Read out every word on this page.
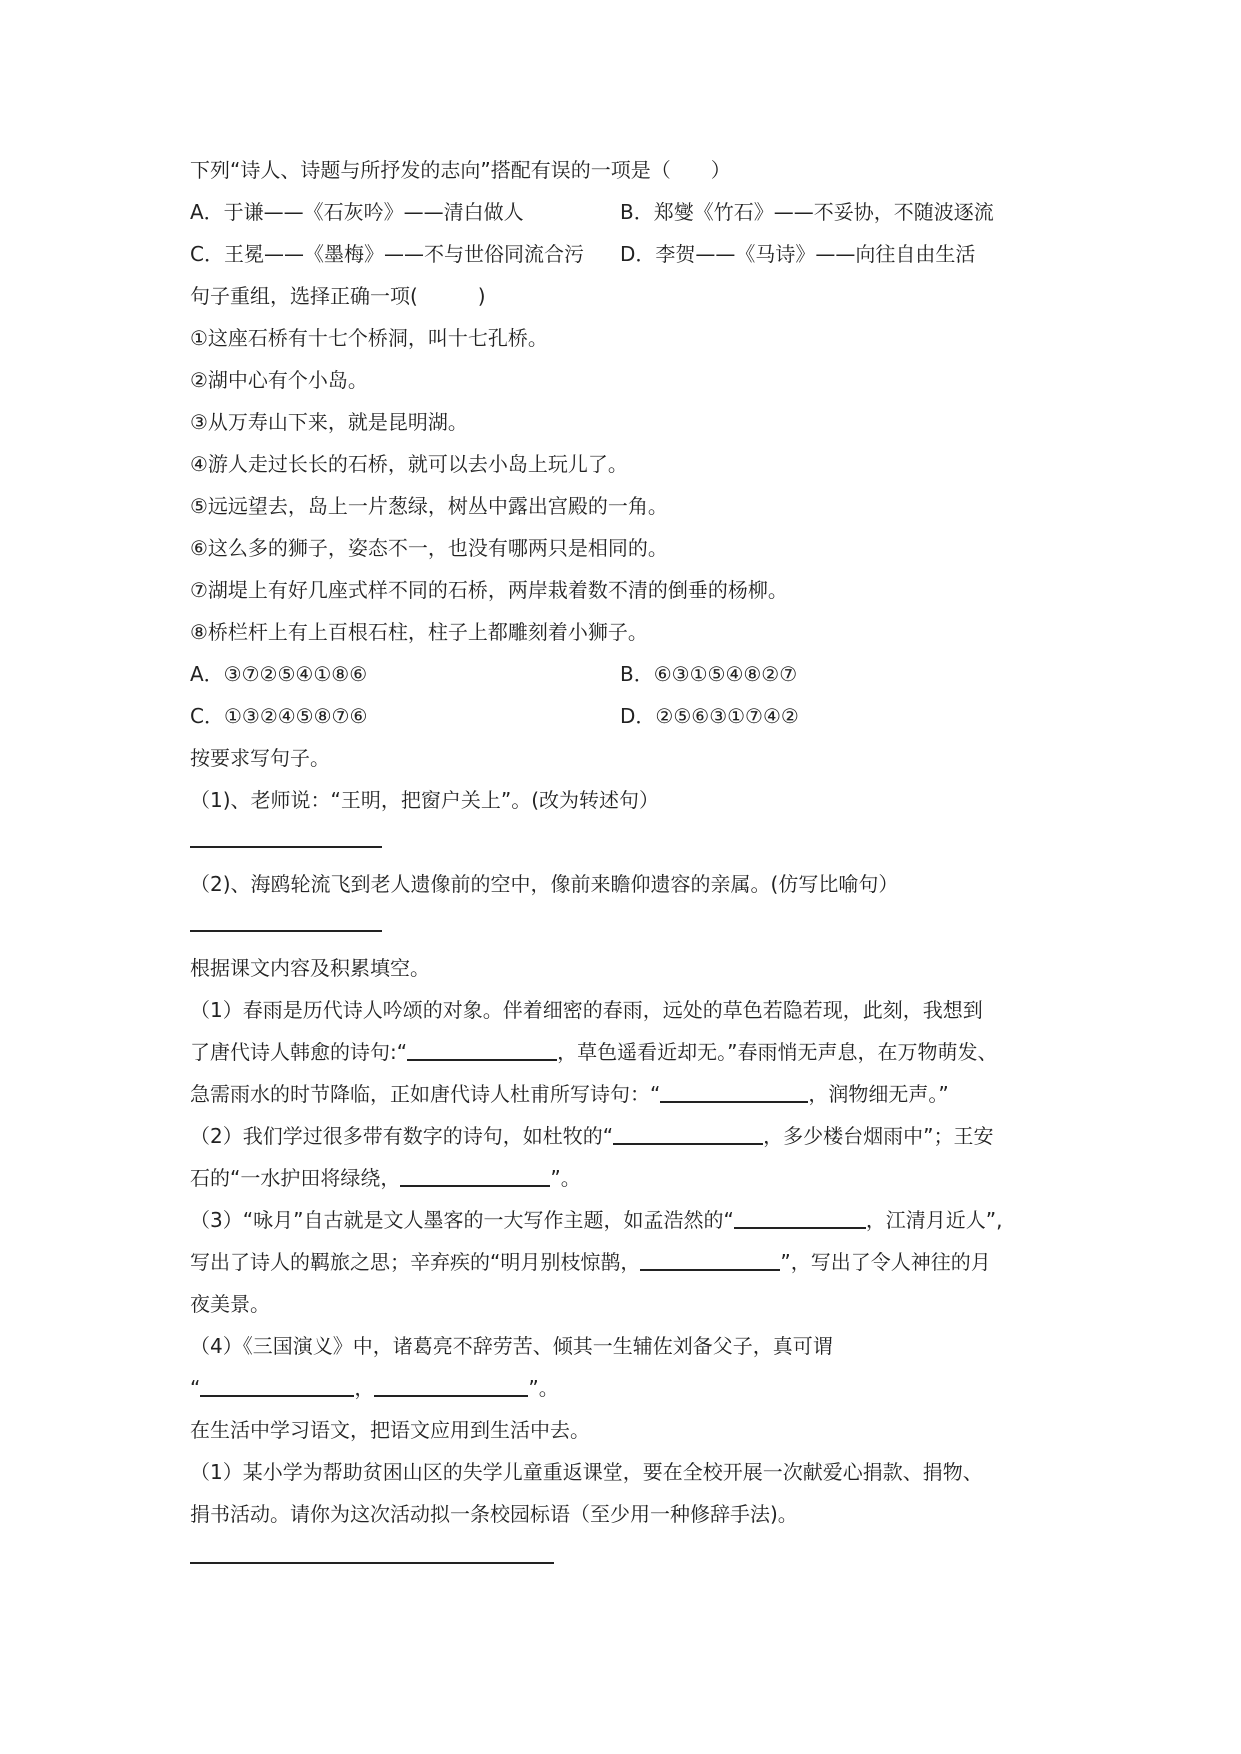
下列“诗人、诗题与所抒发的志向”搭配有误的一项是（　　）
A．于谦——《石灰吟》——清白做人	B．郑燮《竹石》——不妥协，不随波逐流
C．王冕——《墨梅》——不与世俗同流合污 D．李贺——《马诗》——向往自由生活
句子重组，选择正确一项(　　　)
①这座石桥有十七个桥洞，叫十七孔桥。
②湖中心有个小岛。
③从万寿山下来，就是昆明湖。
④游人走过长长的石桥，就可以去小岛上玩儿了。
⑤远远望去，岛上一片葱绿，树丛中露出宫殿的一角。
⑥这么多的狮子，姿态不一，也没有哪两只是相同的。
⑦湖堤上有好几座式样不同的石桥，两岸栽着数不清的倒垂的杨柳。
⑧桥栏杆上有上百根石柱，柱子上都雕刻着小狮子。
A．③⑦②⑤④①⑧⑥	B．⑥③①⑤④⑧②⑦
C．①③②④⑤⑧⑦⑥	D．②⑤⑥③①⑦④②
按要求写句子。
（1)、老师说：“王明，把窗户关上”。(改为转述句）
（2)、海鸥轮流飞到老人遗像前的空中，像前来瞻仰遗容的亲属。(仿写比喻句）
根据课文内容及积累填空。
（1）春雨是历代诗人吟颂的对象。伴着细密的春雨，远处的草色若隐若现，此刻，我想到
了唐代诗人韩愈的诗句:“	，草色遥看近却无。”春雨悄无声息，在万物萌发、
急需雨水的时节降临，正如唐代诗人杜甫所写诗句：“	，润物细无声。”
（2）我们学过很多带有数字的诗句，如杜牧的“	，多少楼台烟雨中”；王安
石的“一水护田将绿绕，	”。
（3）“咏月”自古就是文人墨客的一大写作主题，如孟浩然的“	，江清月近人”,
写出了诗人的羁旅之思；辛弃疾的“明月别枝惊鹊，	”，写出了令人神往的月
夜美景。
（4）《三国演义》中，诸葛亮不辞劳苦、倾其一生辅佐刘备父子，真可谓
“	，	”。
在生活中学习语文，把语文应用到生活中去。
（1）某小学为帮助贫困山区的失学儿童重返课堂，要在全校开展一次献爱心捐款、捐物、
捐书活动。请你为这次活动拟一条校园标语（至少用一种修辞手法)。
